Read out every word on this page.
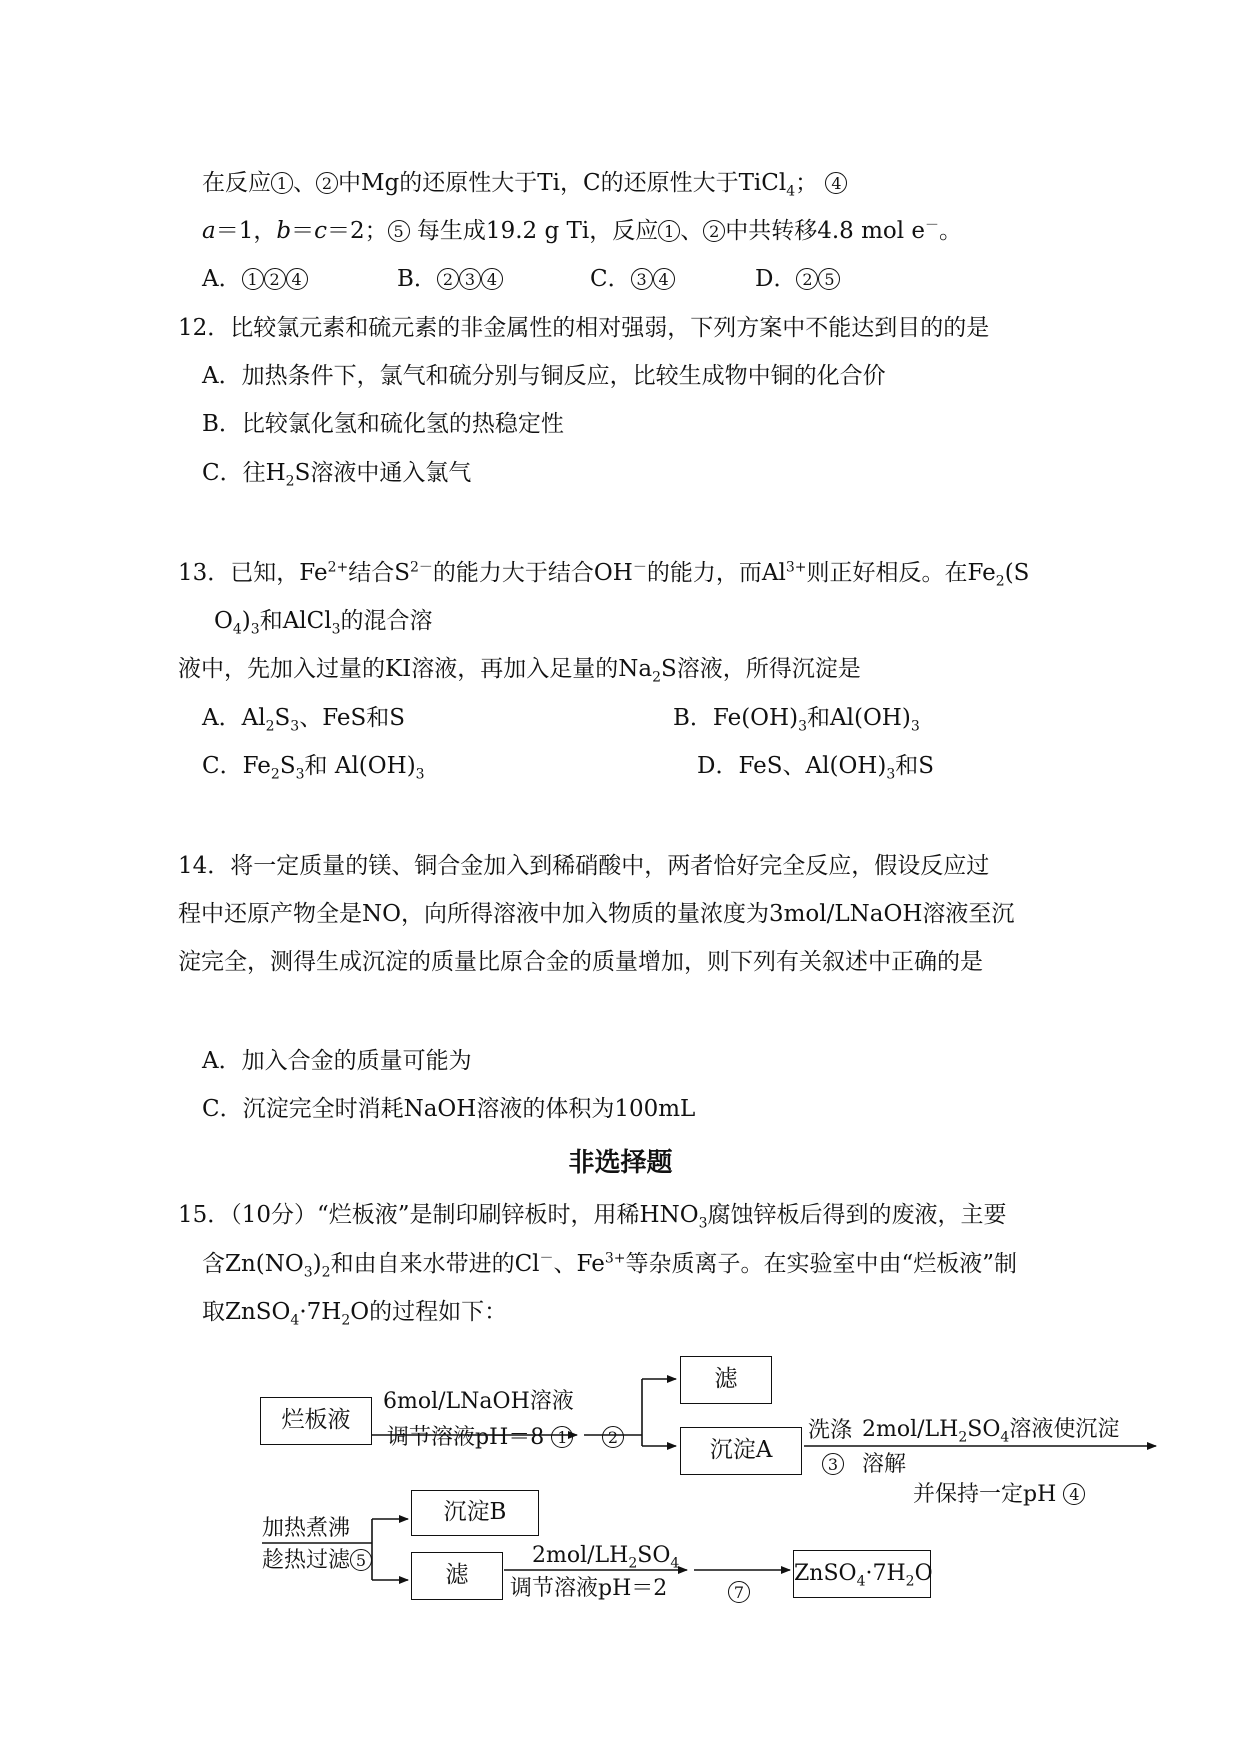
在反应 1 、 2 中Mg的还原性大于Ti，C的还原性大于TiCl$_4$； 4
a＝1，b＝c＝2； 5 每生成19.2 g Ti，反应 1 、 2 中共转移4.8 mol e－。
A． 1 2 4	B． 2 3 4	C． 3 4	D． 2 5
12．比较氯元素和硫元素的非金属性的相对强弱，下列方案中不能达到目的的是
A．加热条件下，氯气和硫分别与铜反应，比较生成物中铜的化合价
B．比较氯化氢和硫化氢的热稳定性
C．往$H_2S$溶液中通入氯气
13．已知，$Fe^{2+}$结合$S^{2-}$的能力大于结合OH－的能力，而$Al^{3+}$则正好相反。在$Fe_2(S$
$O_4)_3$和AlCl$_3$的混合溶
液中，先加入过量的KI溶液，再加入足量的$Na_2S$溶液，所得沉淀是
A．$Al_2S_3$、FeS和S	B．$Fe(OH)_3$和$Al(OH)_3$
C．$Fe_2S_3$和 $Al(OH)_3$	D．FeS、$Al(OH)_3$和S
14．将一定质量的镁、铜合金加入到稀硝酸中，两者恰好完全反应，假设反应过
程中还原产物全是NO，向所得溶液中加入物质的量浓度为3mol/LNaOH溶液至沉
淀完全，测得生成沉淀的质量比原合金的质量增加，则下列有关叙述中正确的是
A．加入合金的质量可能为
C．沉淀完全时消耗NaOH溶液的体积为100mL
非选择题
15．（10分）“烂板液”是制印刷锌板时，用稀$HNO_3$腐蚀锌板后得到的废液，主要
含$Zn(NO_3)_2$和由自来水带进的Cl－、$Fe^{3+}$等杂质离子。在实验室中由“烂板液”制
取$ZnSO_4\cdot 7H_2O$的过程如下：
烂板液
滤
沉淀A
沉淀B
滤	$ZnSO_4\cdot 7H_2O$
6mol/LNaOH溶液
调节溶液pH＝8 1	2	洗涤
3
$2mol/LH_2SO_4$溶液使沉淀
溶解
并保持一定pH 4
加热煮沸
趁热过滤 5	$2mol/LH_2SO_4$
调节溶液pH＝2	7
